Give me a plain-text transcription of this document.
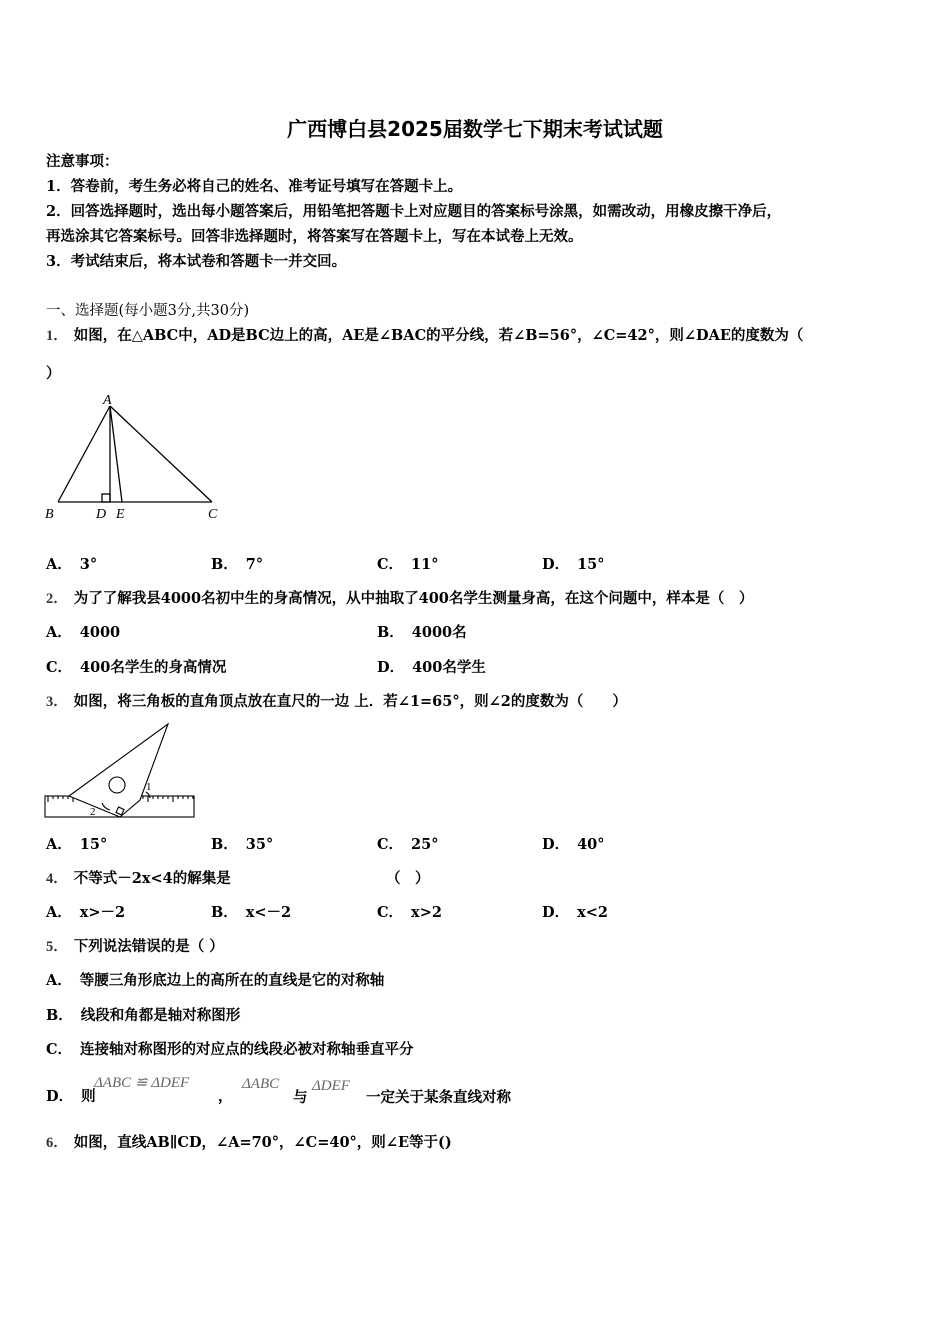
广西博白县2025届数学七下期末考试试题
注意事项：
1．答卷前，考生务必将自己的姓名、准考证号填写在答题卡上。
2．回答选择题时，选出每小题答案后，用铅笔把答题卡上对应题目的答案标号涂黑，如需改动，用橡皮擦干净后，
再选涂其它答案标号。回答非选择题时，将答案写在答题卡上，写在本试卷上无效。
3．考试结束后，将本试卷和答题卡一并交回。
一、选择题(每小题3分,共30分)
1． 如图，在△ABC中，AD是BC边上的高，AE是∠BAC的平分线，若∠B=56°，∠C=42°，则∠DAE的度数为（
）
A
B	D E	C
A． 3°	B． 7°	C． 11°	D． 15°
2． 为了了解我县4000名初中生的身高情况，从中抽取了400名学生测量身高，在这个问题中，样本是（　）
A． 4000	B． 4000名
C． 400名学生的身高情况	D． 400名学生
3． 如图，将三角板的直角顶点放在直尺的一边 上．若∠1=65°，则∠2的度数为（　　）
1
2
A． 15°	B． 35°	C． 25°	D． 40°
4． 不等式－2x<4的解集是	（　）
A． x>－2	B． x<－2	C． x>2	D． x<2
5． 下列说法错误的是（ ）
A． 等腰三角形底边上的高所在的直线是它的对称轴
B． 线段和角都是轴对称图形
C． 连接轴对称图形的对应点的线段必被对称轴垂直平分
D． 则
ΔABC ≌ ΔDEF
，
ΔABC
与
ΔDEF
一定关于某条直线对称
6． 如图，直线AB∥CD，∠A=70°，∠C=40°，则∠E等于()
